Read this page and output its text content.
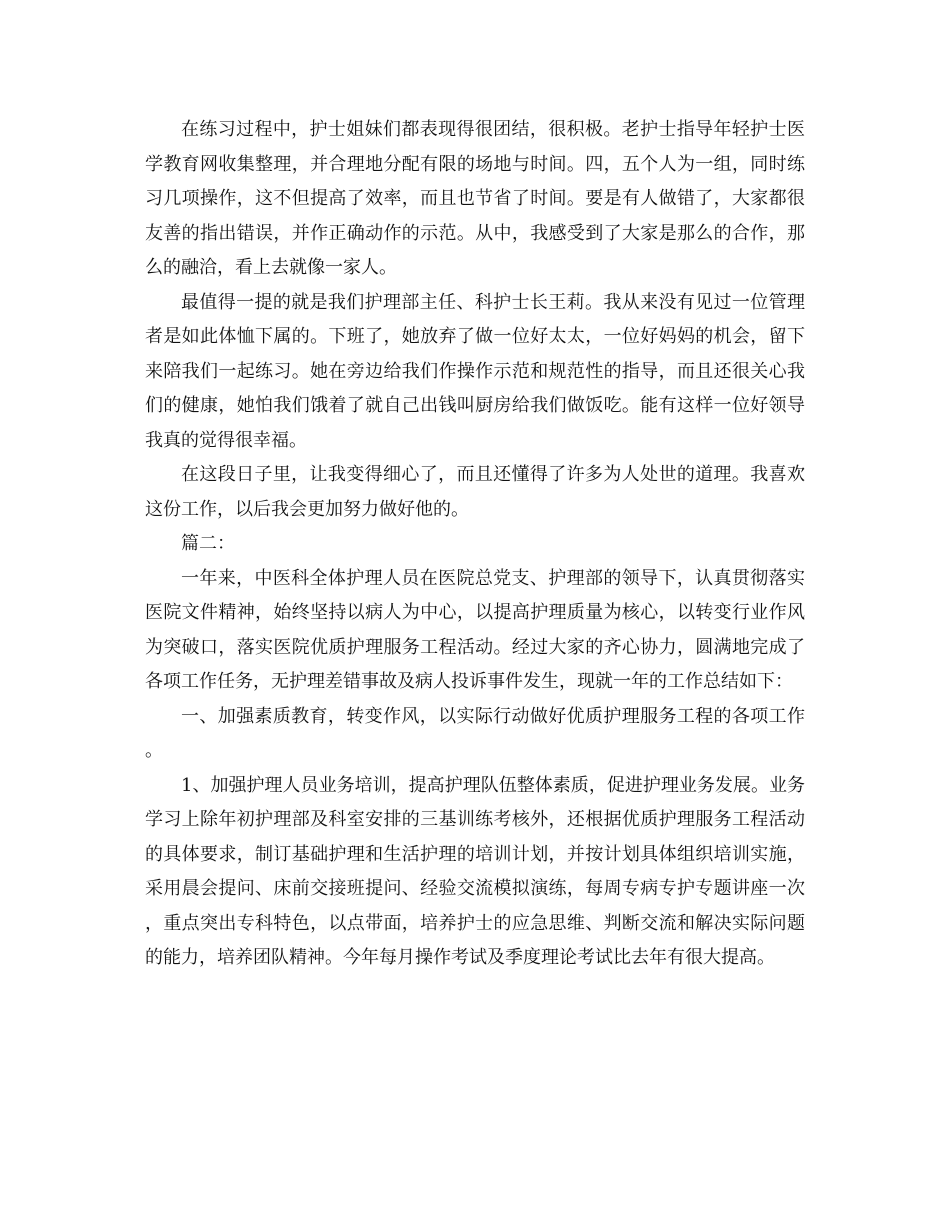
在练习过程中，护士姐妹们都表现得很团结，很积极。老护士指导年轻护士医学教育网收集整理，并合理地分配有限的场地与时间。四，五个人为一组，同时练习几项操作，这不但提高了效率，而且也节省了时间。要是有人做错了，大家都很友善的指出错误，并作正确动作的示范。从中，我感受到了大家是那么的合作，那么的融洽，看上去就像一家人。

最值得一提的就是我们护理部主任、科护士长王莉。我从来没有见过一位管理者是如此体恤下属的。下班了，她放弃了做一位好太太，一位好妈妈的机会，留下来陪我们一起练习。她在旁边给我们作操作示范和规范性的指导，而且还很关心我们的健康，她怕我们饿着了就自己出钱叫厨房给我们做饭吃。能有这样一位好领导我真的觉得很幸福。

在这段日子里，让我变得细心了，而且还懂得了许多为人处世的道理。我喜欢这份工作，以后我会更加努力做好他的。

篇二：

一年来，中医科全体护理人员在医院总党支、护理部的领导下，认真贯彻落实医院文件精神，始终坚持以病人为中心，以提高护理质量为核心，以转变行业作风为突破口，落实医院优质护理服务工程活动。经过大家的齐心协力，圆满地完成了各项工作任务，无护理差错事故及病人投诉事件发生，现就一年的工作总结如下：

一、加强素质教育，转变作风，以实际行动做好优质护理服务工程的各项工作。

1、加强护理人员业务培训，提高护理队伍整体素质，促进护理业务发展。业务学习上除年初护理部及科室安排的三基训练考核外，还根据优质护理服务工程活动的具体要求，制订基础护理和生活护理的培训计划，并按计划具体组织培训实施，采用晨会提问、床前交接班提问、经验交流模拟演练，每周专病专护专题讲座一次，重点突出专科特色，以点带面，培养护士的应急思维、判断交流和解决实际问题的能力，培养团队精神。今年每月操作考试及季度理论考试比去年有很大提高。
